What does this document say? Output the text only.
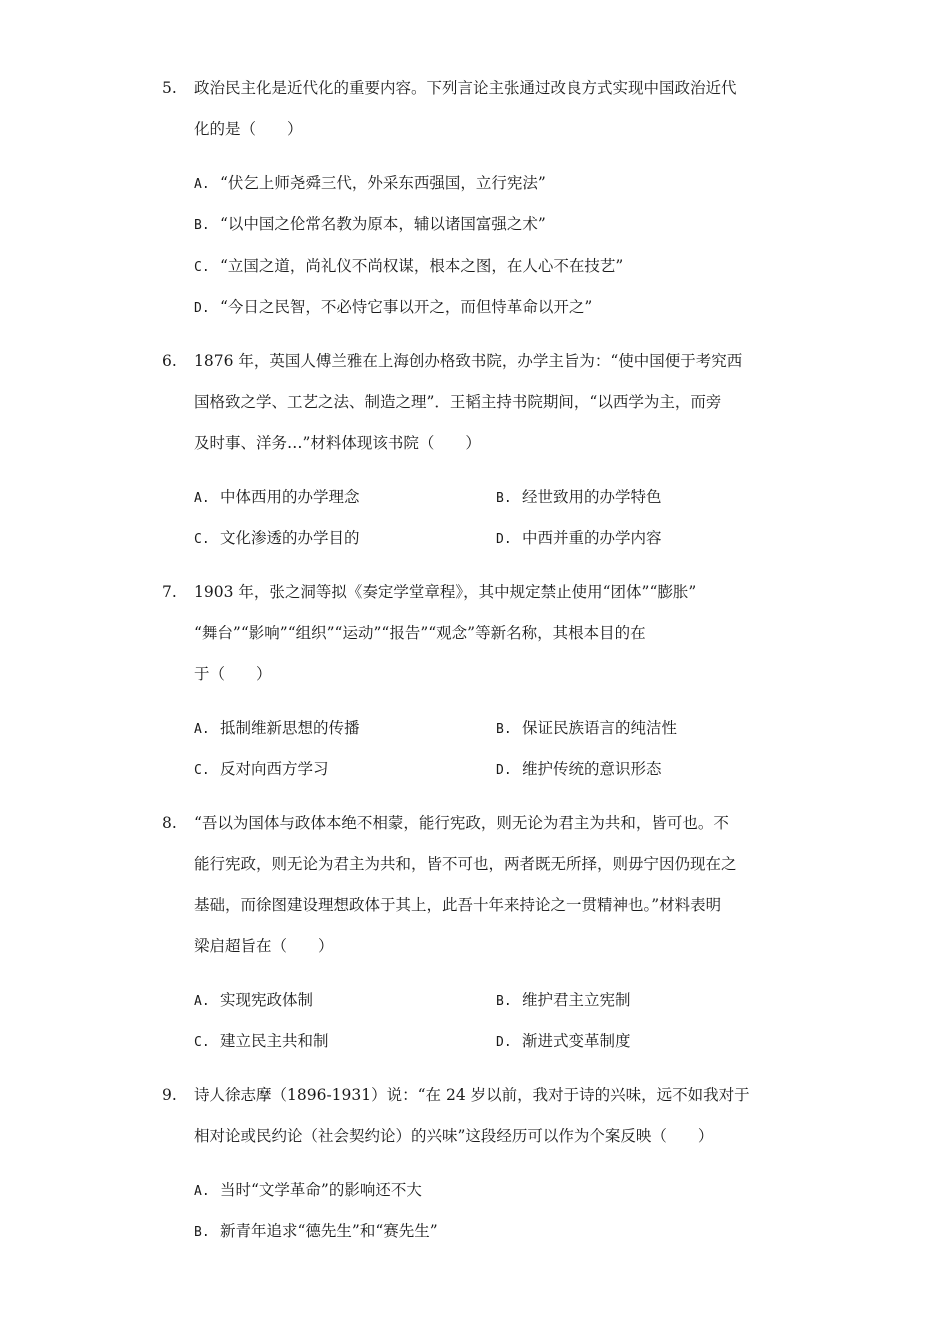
5. 政治民主化是近代化的重要内容。下列言论主张通过改良方式实现中国政治近代
化的是（　　）
A. “伏乞上师尧舜三代，外采东西强国，立行宪法”
B. “以中国之伦常名教为原本，辅以诸国富强之术”
C. “立国之道，尚礼仪不尚权谋，根本之图，在人心不在技艺”
D. “今日之民智，不必恃它事以开之，而但恃革命以开之”
6. 1876 年，英国人傅兰雅在上海创办格致书院，办学主旨为：“使中国便于考究西
国格致之学、工艺之法、制造之理”．王韬主持书院期间，“以西学为主，而旁
及时事、洋务…”材料体现该书院（　　）
A. 中体西用的办学理念	B. 经世致用的办学特色
C. 文化渗透的办学目的	D. 中西并重的办学内容
7. 1903 年，张之洞等拟《奏定学堂章程》，其中规定禁止使用“团体”“膨胀”
“舞台”“影响”“组织”“运动”“报告”“观念”等新名称，其根本目的在
于（　　）
A. 抵制维新思想的传播	B. 保证民族语言的纯洁性
C. 反对向西方学习	D. 维护传统的意识形态
8. “吾以为国体与政体本绝不相蒙，能行宪政，则无论为君主为共和，皆可也。不
能行宪政，则无论为君主为共和，皆不可也，两者既无所择，则毋宁因仍现在之
基础，而徐图建设理想政体于其上，此吾十年来持论之一贯精神也。”材料表明
梁启超旨在（　　）
A. 实现宪政体制	B. 维护君主立宪制
C. 建立民主共和制	D. 渐进式变革制度
9. 诗人徐志摩（1896-1931）说：“在 24 岁以前，我对于诗的兴味，远不如我对于
相对论或民约论（社会契约论）的兴味”这段经历可以作为个案反映（　　）
A. 当时“文学革命”的影响还不大
B. 新青年追求“德先生”和“赛先生”
